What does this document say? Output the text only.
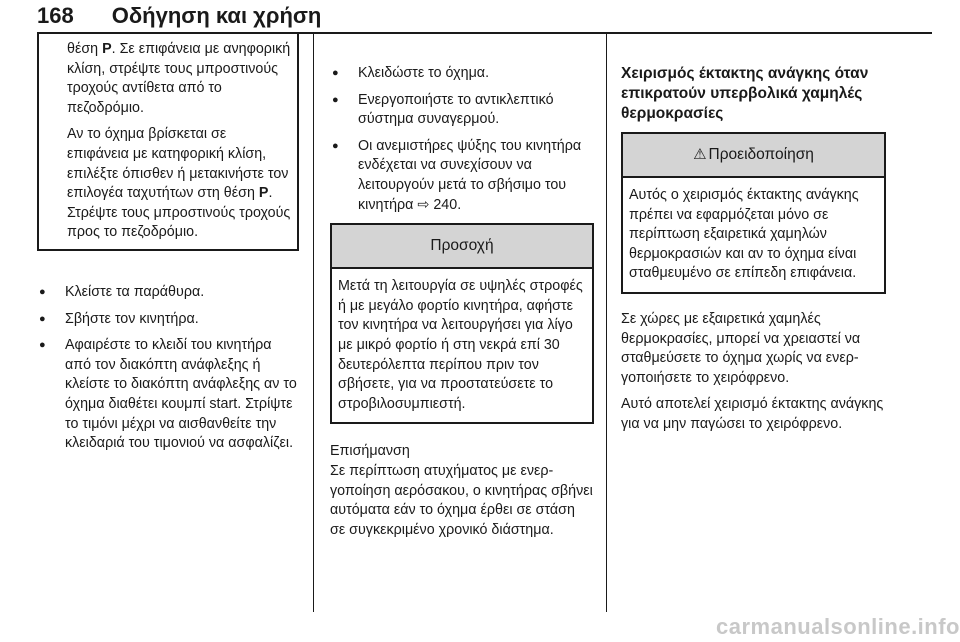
168 Οδήγηση και χρήση

θέση P. Σε επιφάνεια με ανηφορική κλίση, στρέψτε τους μπροστινούς τροχούς αντίθετα από το πεζοδρόμιο.

Αν το όχημα βρίσκεται σε επιφάνεια με κατηφορική κλίση, επιλέξτε όπισθεν ή μετακινήστε τον επιλογέα ταχυτήτων στη θέση P. Στρέψτε τους μπροστινούς τροχούς προς το πεζοδρόμιο.

● Κλείστε τα παράθυρα.
● Σβήστε τον κινητήρα.
● Αφαιρέστε το κλειδί του κινητήρα από τον διακόπτη ανάφλεξης ή κλείστε το διακόπτη ανάφλεξης αν το όχημα διαθέτει κουμπί start. Στρίψτε το τιμόνι μέχρι να αισθανθείτε την κλειδαριά του τιμονιού να ασφαλίζει.
● Κλειδώστε το όχημα.
● Ενεργοποιήστε το αντικλεπτικό σύστημα συναγερμού.
● Οι ανεμιστήρες ψύξης του κινητήρα ενδέχεται να συνεχίσουν να λειτουργούν μετά το σβήσιμο του κινητήρα ⇨ 240.
Προσοχή

Μετά τη λειτουργία σε υψηλές στροφές ή με μεγάλο φορτίο κινητήρα, αφήστε τον κινητήρα να λειτουργήσει για λίγο με μικρό φορτίο ή στη νεκρά επί 30 δευτερόλεπτα περίπου πριν τον σβήσετε, για να προστατεύσετε το στροβιλοσυμπιεστή.

Επισήμανση
Σε περίπτωση ατυχήματος με ενεργοποίηση αερόσακου, ο κινητήρας σβήνει αυτόματα εάν το όχημα έρθει σε στάση σε συγκεκριμένο χρονικό διάστημα.
Χειρισμός έκτακτης ανάγκης όταν επικρατούν υπερβολικά χαμηλές θερμοκρασίες
⚠ Προειδοποίηση

Αυτός ο χειρισμός έκτακτης ανάγκης πρέπει να εφαρμόζεται μόνο σε περίπτωση εξαιρετικά χαμηλών θερμοκρασιών και αν το όχημα είναι σταθμευμένο σε επίπεδη επιφάνεια.

Σε χώρες με εξαιρετικά χαμηλές θερμοκρασίες, μπορεί να χρειαστεί να σταθμεύσετε το όχημα χωρίς να ενεργοποιήσετε το χειρόφρενο.

Αυτό αποτελεί χειρισμό έκτακτης ανάγκης για να μην παγώσει το χειρόφρενο.

carmanualsonline.info
